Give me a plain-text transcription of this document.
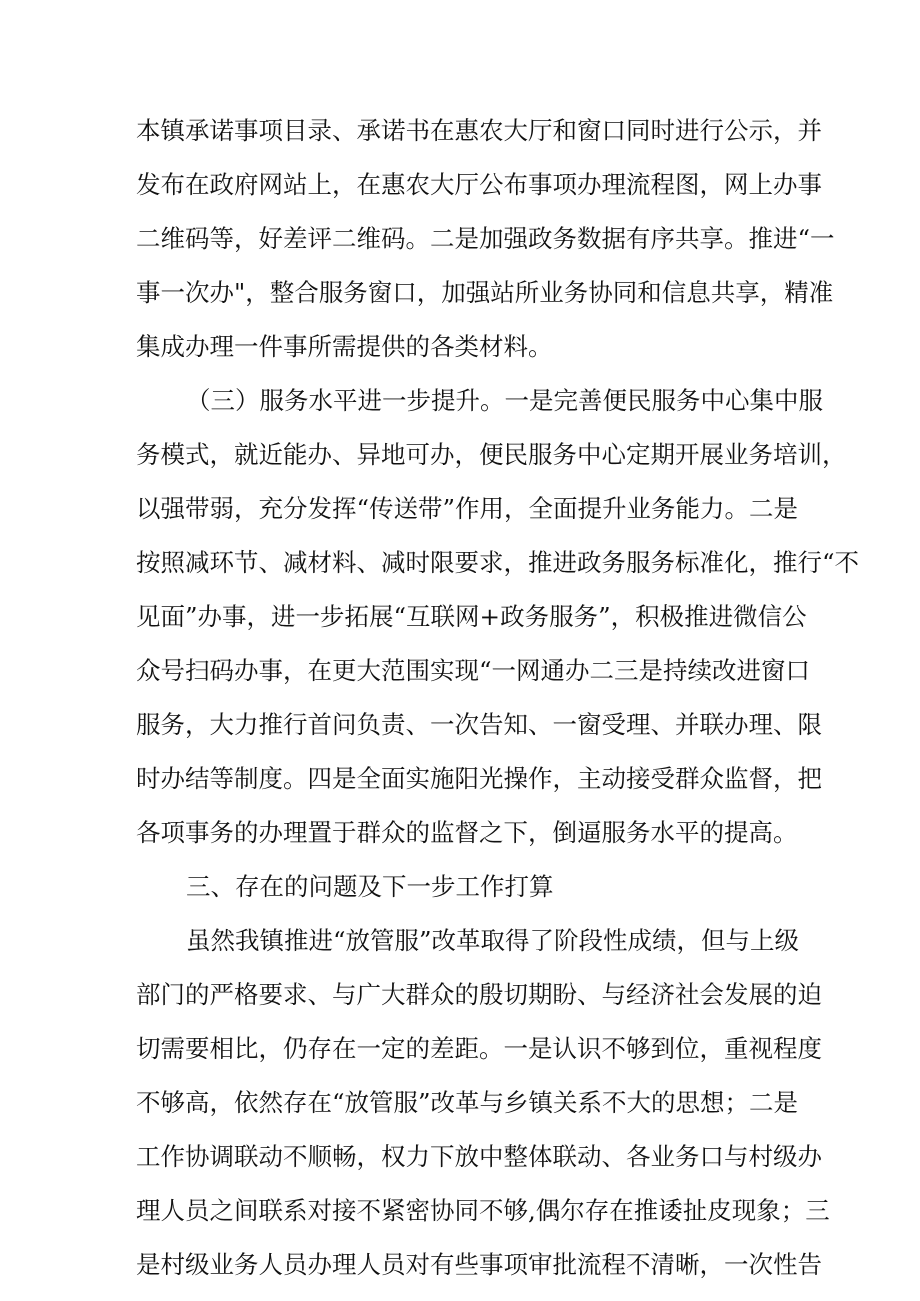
本镇承诺事项目录、承诺书在惠农大厅和窗口同时进行公示，并
发布在政府网站上，在惠农大厅公布事项办理流程图，网上办事
二维码等，好差评二维码。二是加强政务数据有序共享。推进“一
事一次办"，整合服务窗口，加强站所业务协同和信息共享，精准
集成办理一件事所需提供的各类材料。
（三）服务水平进一步提升。一是完善便民服务中心集中服
务模式，就近能办、异地可办，便民服务中心定期开展业务培训，
以强带弱，充分发挥“传送带”作用，全面提升业务能力。二是
按照减环节、减材料、减时限要求，推进政务服务标准化，推行“不
见面”办事，进一步拓展“互联网+政务服务”，积极推进微信公
众号扫码办事，在更大范围实现“一网通办二三是持续改进窗口
服务，大力推行首问负责、一次告知、一窗受理、并联办理、限
时办结等制度。四是全面实施阳光操作，主动接受群众监督，把
各项事务的办理置于群众的监督之下，倒逼服务水平的提高。
三、存在的问题及下一步工作打算
虽然我镇推进“放管服”改革取得了阶段性成绩，但与上级
部门的严格要求、与广大群众的殷切期盼、与经济社会发展的迫
切需要相比，仍存在一定的差距。一是认识不够到位，重视程度
不够高，依然存在“放管服”改革与乡镇关系不大的思想；二是
工作协调联动不顺畅，权力下放中整体联动、各业务口与村级办
理人员之间联系对接不紧密协同不够,偶尔存在推诿扯皮现象；三
是村级业务人员办理人员对有些事项审批流程不清晰，一次性告
